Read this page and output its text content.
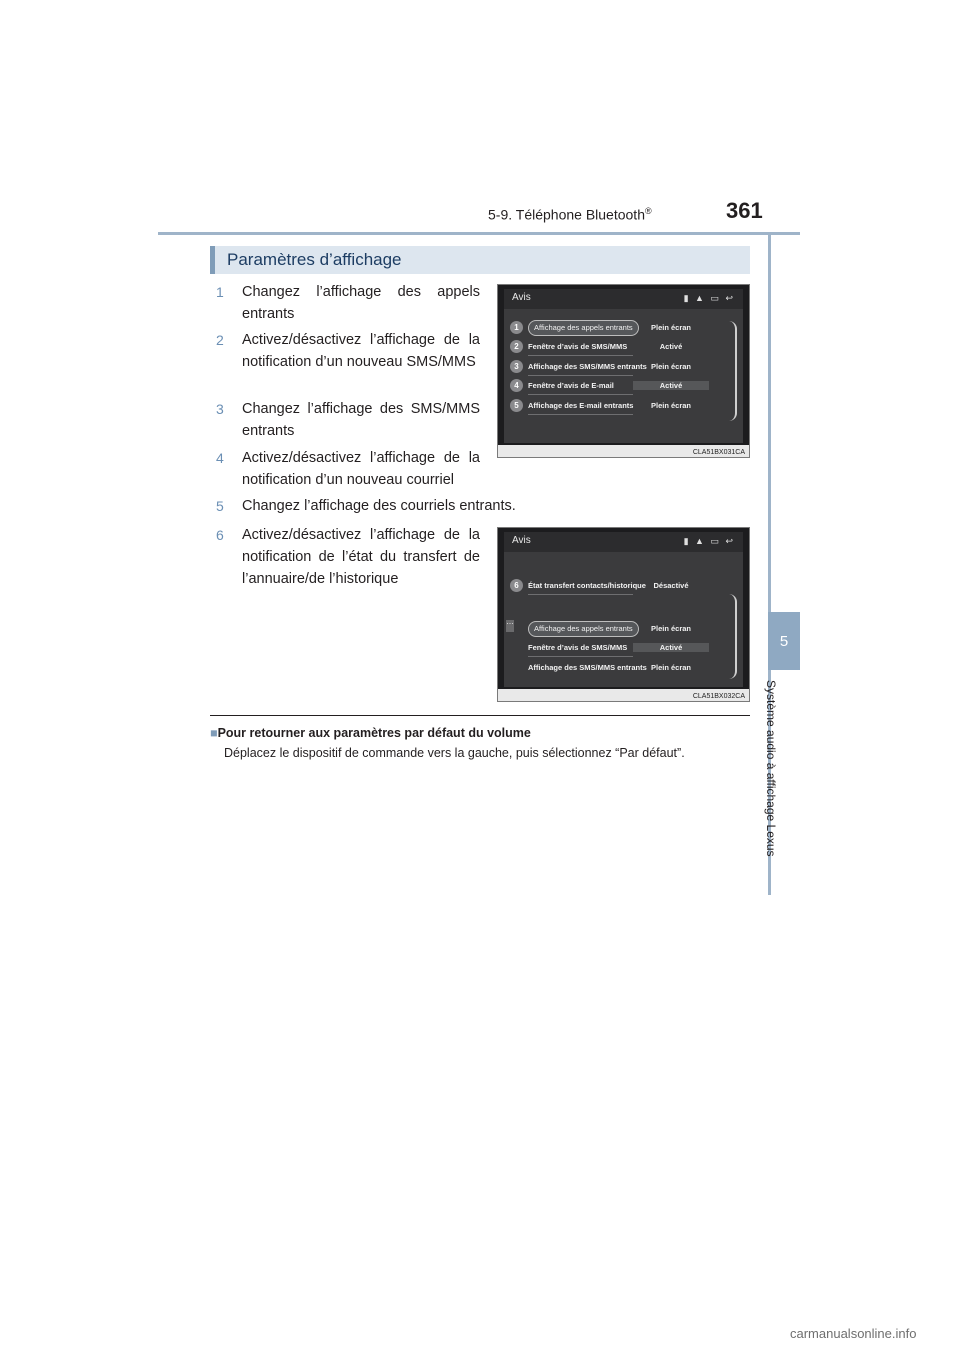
5-9. Téléphone Bluetooth®	361
5
Système audio à affichage Lexus
Paramètres d’affichage
1	Changez l’affichage des appels entrants
2	Activez/désactivez l’affichage de la notification d’un nouveau SMS/MMS
3	Changez l’affichage des SMS/MMS entrants
4	Activez/désactivez l’affichage de la notification d’un nouveau courriel
5	Changez l’affichage des courriels entrants.
6	Activez/désactivez l’affichage de la notification de l’état du transfert de l’annuaire/de l’historique
Avis	▮ ▲ ▭ ↩
1	Affichage des appels entrants	Plein écran
2	Fenêtre d’avis de SMS/MMS	Activé
3	Affichage des SMS/MMS entrants Plein écran
4	Fenêtre d’avis de E-mail	Activé
5	Affichage des E-mail entrants	Plein écran
CLA51BX031CA
Avis	▮ ▲ ▭ ↩
6	État transfert contacts/historique	Désactivé
⋯	Affichage des appels entrants	Plein écran
Fenêtre d’avis de SMS/MMS	Activé
Affichage des SMS/MMS entrants Plein écran
CLA51BX032CA
■Pour retourner aux paramètres par défaut du volume
Déplacez le dispositif de commande vers la gauche, puis sélectionnez “Par défaut”.
carmanualsonline.info
